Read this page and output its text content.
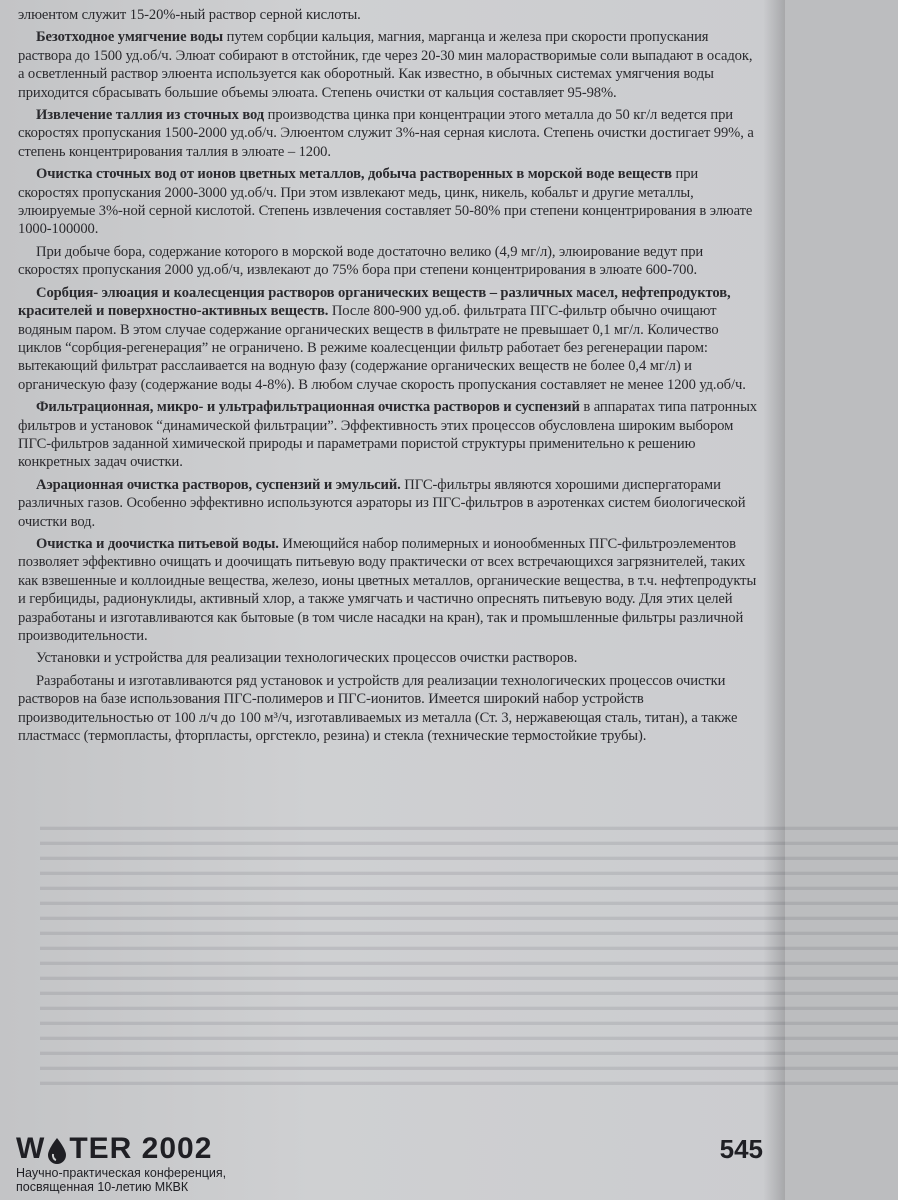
элюентом служит 15-20%-ный раствор серной кислоты.

Безотходное умягчение воды путем сорбции кальция, магния, марганца и железа при скорости пропускания раствора до 1500 уд.об/ч. Элюат собирают в отстойник, где через 20-30 мин малорастворимые соли выпадают в осадок, а осветленный раствор элюента используется как оборотный. Как известно, в обычных системах умягчения воды приходится сбрасывать большие объемы элюата. Степень очистки от кальция составляет 95-98%.

Извлечение таллия из сточных вод производства цинка при концентрации этого металла до 50 кг/л ведется при скоростях пропускания 1500-2000 уд.об/ч. Элюентом служит 3%-ная серная кислота. Степень очистки достигает 99%, а степень концентрирования таллия в элюате – 1200.

Очистка сточных вод от ионов цветных металлов, добыча растворенных в морской воде веществ при скоростях пропускания 2000-3000 уд.об/ч. При этом извлекают медь, цинк, никель, кобальт и другие металлы, элюируемые 3%-ной серной кислотой. Степень извлечения составляет 50-80% при степени концентрирования в элюате 1000-100000.

При добыче бора, содержание которого в морской воде достаточно велико (4,9 мг/л), элюирование ведут при скоростях пропускания 2000 уд.об/ч, извлекают до 75% бора при степени концентрирования в элюате 600-700.

Сорбция- элюация и коалесценция растворов органических веществ – различных масел, нефтепродуктов, красителей и поверхностно-активных веществ. После 800-900 уд.об. фильтрата ПГС-фильтр обычно очищают водяным паром. В этом случае содержание органических веществ в фильтрате не превышает 0,1 мг/л. Количество циклов “сорбция-регенерация” не ограничено. В режиме коалесценции фильтр работает без регенерации паром: вытекающий фильтрат расслаивается на водную фазу (содержание органических веществ не более 0,4 мг/л) и органическую фазу (содержание воды 4-8%). В любом случае скорость пропускания составляет не менее 1200 уд.об/ч.

Фильтрационная, микро- и ультрафильтрационная очистка растворов и суспензий в аппаратах типа патронных фильтров и установок “динамической фильтрации”. Эффективность этих процессов обусловлена широким выбором ПГС-фильтров заданной химической природы и параметрами пористой структуры применительно к решению конкретных задач очистки.

Аэрационная очистка растворов, суспензий и эмульсий. ПГС-фильтры являются хорошими диспергаторами различных газов. Особенно эффективно используются аэраторы из ПГС-фильтров в аэротенках систем биологической очистки вод.

Очистка и доочистка питьевой воды. Имеющийся набор полимерных и ионообменных ПГС-фильтроэлементов позволяет эффективно очищать и доочищать питьевую воду практически от всех встречающихся загрязнителей, таких как взвешенные и коллоидные вещества, железо, ионы цветных металлов, органические вещества, в т.ч. нефтепродукты и гербициды, радионуклиды, активный хлор, а также умягчать и частично опреснять питьевую воду. Для этих целей разработаны и изготавливаются как бытовые (в том числе насадки на кран), так и промышленные фильтры различной производительности.

Установки и устройства для реализации технологических процессов очистки растворов.

Разработаны и изготавливаются ряд установок и устройств для реализации технологических процессов очистки растворов на базе использования ПГС-полимеров и ПГС-ионитов. Имеется широкий набор устройств производительностью от 100 л/ч до 100 м³/ч, изготавливаемых из металла (Ст. 3, нержавеющая сталь, титан), а также пластмасс (термопласты, фторпласты, оргстекло, резина) и стекла (технические термостойкие трубы).

▬▬▬▬▬▬▬▬▬▬▬▬▬▬▬▬▬▬▬▬▬▬▬▬▬▬▬▬▬▬▬▬▬▬▬▬▬▬▬▬▬▬▬▬▬▬▬▬▬▬▬▬▬▬▬▬▬▬▬▬▬▬▬▬▬▬▬▬▬▬▬▬▬▬▬▬▬▬
▬▬▬▬▬▬▬▬▬▬▬▬▬▬▬▬▬▬▬▬▬▬▬▬▬▬▬▬▬▬▬▬▬▬▬▬▬▬▬▬▬▬▬▬▬▬▬▬▬▬▬▬▬▬▬▬▬▬▬▬▬▬▬▬▬▬▬▬▬▬▬▬▬▬▬▬▬▬
▬▬▬▬▬▬▬▬▬▬▬▬▬▬▬▬▬▬▬▬▬▬▬▬▬▬▬▬▬▬▬▬▬▬▬▬▬▬▬▬▬▬▬▬▬▬▬▬▬▬▬▬▬▬▬▬▬▬▬▬▬▬▬▬▬▬▬▬▬▬▬▬▬▬▬▬▬▬
▬▬▬▬▬▬▬▬▬▬▬▬▬▬▬▬▬▬▬▬▬▬▬▬▬▬▬▬▬▬▬▬▬▬▬▬▬▬▬▬▬▬▬▬▬▬▬▬▬▬▬▬▬▬▬▬▬▬▬▬▬▬▬▬▬▬▬▬▬▬▬▬▬▬▬▬▬▬
▬▬▬▬▬▬▬▬▬▬▬▬▬▬▬▬▬▬▬▬▬▬▬▬▬▬▬▬▬▬▬▬▬▬▬▬▬▬▬▬▬▬▬▬▬▬▬▬▬▬▬▬▬▬▬▬▬▬▬▬▬▬▬▬▬▬▬▬▬▬▬▬▬▬▬▬▬▬
▬▬▬▬▬▬▬▬▬▬▬▬▬▬▬▬▬▬▬▬▬▬▬▬▬▬▬▬▬▬▬▬▬▬▬▬▬▬▬▬▬▬▬▬▬▬▬▬▬▬▬▬▬▬▬▬▬▬▬▬▬▬▬▬▬▬▬▬▬▬▬▬▬▬▬▬▬▬
▬▬▬▬▬▬▬▬▬▬▬▬▬▬▬▬▬▬▬▬▬▬▬▬▬▬▬▬▬▬▬▬▬▬▬▬▬▬▬▬▬▬▬▬▬▬▬▬▬▬▬▬▬▬▬▬▬▬▬▬▬▬▬▬▬▬▬▬▬▬▬▬▬▬▬▬▬▬
▬▬▬▬▬▬▬▬▬▬▬▬▬▬▬▬▬▬▬▬▬▬▬▬▬▬▬▬▬▬▬▬▬▬▬▬▬▬▬▬▬▬▬▬▬▬▬▬▬▬▬▬▬▬▬▬▬▬▬▬▬▬▬▬▬▬▬▬▬▬▬▬▬▬▬▬▬▬
▬▬▬▬▬▬▬▬▬▬▬▬▬▬▬▬▬▬▬▬▬▬▬▬▬▬▬▬▬▬▬▬▬▬▬▬▬▬▬▬▬▬▬▬▬▬▬▬▬▬▬▬▬▬▬▬▬▬▬▬▬▬▬▬▬▬▬▬▬▬▬▬▬▬▬▬▬▬
▬▬▬▬▬▬▬▬▬▬▬▬▬▬▬▬▬▬▬▬▬▬▬▬▬▬▬▬▬▬▬▬▬▬▬▬▬▬▬▬▬▬▬▬▬▬▬▬▬▬▬▬▬▬▬▬▬▬▬▬▬▬▬▬▬▬▬▬▬▬▬▬▬▬▬▬▬▬
▬▬▬▬▬▬▬▬▬▬▬▬▬▬▬▬▬▬▬▬▬▬▬▬▬▬▬▬▬▬▬▬▬▬▬▬▬▬▬▬▬▬▬▬▬▬▬▬▬▬▬▬▬▬▬▬▬▬▬▬▬▬▬▬▬▬▬▬▬▬▬▬▬▬▬▬▬▬
▬▬▬▬▬▬▬▬▬▬▬▬▬▬▬▬▬▬▬▬▬▬▬▬▬▬▬▬▬▬▬▬▬▬▬▬▬▬▬▬▬▬▬▬▬▬▬▬▬▬▬▬▬▬▬▬▬▬▬▬▬▬▬▬▬▬▬▬▬▬▬▬▬▬▬▬▬▬
▬▬▬▬▬▬▬▬▬▬▬▬▬▬▬▬▬▬▬▬▬▬▬▬▬▬▬▬▬▬▬▬▬▬▬▬▬▬▬▬▬▬▬▬▬▬▬▬▬▬▬▬▬▬▬▬▬▬▬▬▬▬▬▬▬▬▬▬▬▬▬▬▬▬▬▬▬▬
▬▬▬▬▬▬▬▬▬▬▬▬▬▬▬▬▬▬▬▬▬▬▬▬▬▬▬▬▬▬▬▬▬▬▬▬▬▬▬▬▬▬▬▬▬▬▬▬▬▬▬▬▬▬▬▬▬▬▬▬▬▬▬▬▬▬▬▬▬▬▬▬▬▬▬▬▬▬
▬▬▬▬▬▬▬▬▬▬▬▬▬▬▬▬▬▬▬▬▬▬▬▬▬▬▬▬▬▬▬▬▬▬▬▬▬▬▬▬▬▬▬▬▬▬▬▬▬▬▬▬▬▬▬▬▬▬▬▬▬▬▬▬▬▬▬▬▬▬▬▬▬▬▬▬▬▬
▬▬▬▬▬▬▬▬▬▬▬▬▬▬▬▬▬▬▬▬▬▬▬▬▬▬▬▬▬▬▬▬▬▬▬▬▬▬▬▬▬▬▬▬▬▬▬▬▬▬▬▬▬▬▬▬▬▬▬▬▬▬▬▬▬▬▬▬▬▬▬▬▬▬▬▬▬▬
▬▬▬▬▬▬▬▬▬▬▬▬▬▬▬▬▬▬▬▬▬▬▬▬▬▬▬▬▬▬▬▬▬▬▬▬▬▬▬▬▬▬▬▬▬▬▬▬▬▬▬▬▬▬▬▬▬▬▬▬▬▬▬▬▬▬▬▬▬▬▬▬▬▬▬▬▬▬
▬▬▬▬▬▬▬▬▬▬▬▬▬▬▬▬▬▬▬▬▬▬▬▬▬▬▬▬▬▬▬▬▬▬▬▬▬▬▬▬▬▬▬▬▬▬▬▬▬▬▬▬▬▬▬▬▬▬▬▬▬▬▬▬▬▬▬▬▬▬▬▬▬▬▬▬▬▬
W TER 2002
Научно-практическая конференция,
посвященная 10-летию МКВК
545
